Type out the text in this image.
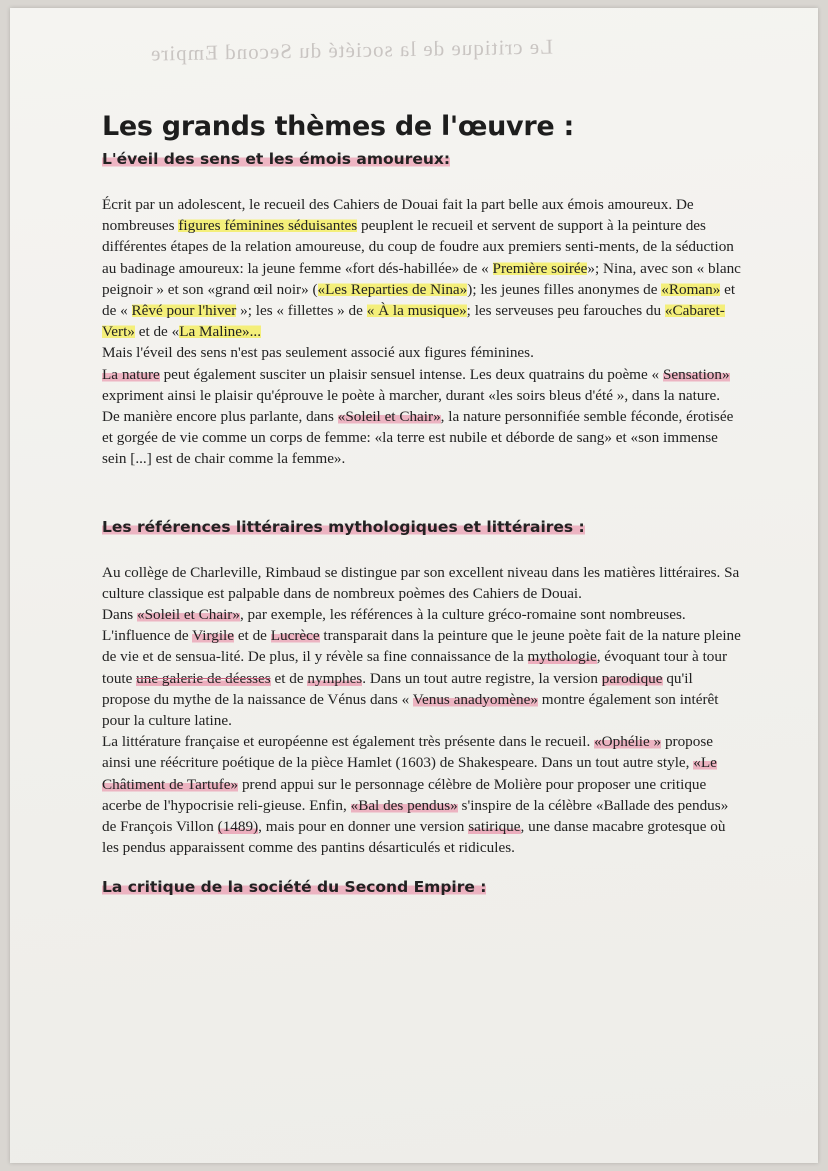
Le critique de la société du Second Empire
Les grands thèmes de l'œuvre :
L'éveil des sens et les émois amoureux:

Écrit par un adolescent, le recueil des Cahiers de Douai fait la part belle aux émois amoureux. De nombreuses figures féminines séduisantes peuplent le recueil et servent de support à la peinture des différentes étapes de la relation amoureuse, du coup de foudre aux premiers senti-ments, de la séduction au badinage amoureux: la jeune femme «fort dés-habillée» de « Première soirée»; Nina, avec son « blanc peignoir » et son «grand œil noir» («Les Reparties de Nina»); les jeunes filles anonymes de «Roman» et de « Rêvé pour l'hiver »; les « fillettes » de « À la musique»; les serveuses peu farouches du «Cabaret-Vert» et de «La Maline»...

Mais l'éveil des sens n'est pas seulement associé aux figures féminines.

La nature peut également susciter un plaisir sensuel intense. Les deux quatrains du poème « Sensation» expriment ainsi le plaisir qu'éprouve le poète à marcher, durant «les soirs bleus d'été », dans la nature.

De manière encore plus parlante, dans «Soleil et Chair», la nature personnifiée semble féconde, érotisée et gorgée de vie comme un corps de femme: «la terre est nubile et déborde de sang» et «son immense sein [...] est de chair comme la femme».

Les références littéraires mythologiques et littéraires :

Au collège de Charleville, Rimbaud se distingue par son excellent niveau dans les matières littéraires. Sa culture classique est palpable dans de nombreux poèmes des Cahiers de Douai.

Dans «Soleil et Chair», par exemple, les références à la culture gréco-romaine sont nombreuses. L'influence de Virgile et de Lucrèce transparait dans la peinture que le jeune poète fait de la nature pleine de vie et de sensua-lité. De plus, il y révèle sa fine connaissance de la mythologie, évoquant tour à tour toute une galerie de déesses et de nymphes. Dans un tout autre registre, la version parodique qu'il propose du mythe de la naissance de Vénus dans « Venus anadyomène» montre également son intérêt pour la culture latine.

La littérature française et européenne est également très présente dans le recueil. «Ophélie » propose ainsi une réécriture poétique de la pièce Hamlet (1603) de Shakespeare. Dans un tout autre style, «Le Châtiment de Tartufe» prend appui sur le personnage célèbre de Molière pour proposer une critique acerbe de l'hypocrisie reli-gieuse. Enfin, «Bal des pendus» s'inspire de la célèbre «Ballade des pendus» de François Villon (1489), mais pour en donner une version satirique, une danse macabre grotesque où les pendus apparaissent comme des pantins désarticulés et ridicules.

La critique de la société du Second Empire :
